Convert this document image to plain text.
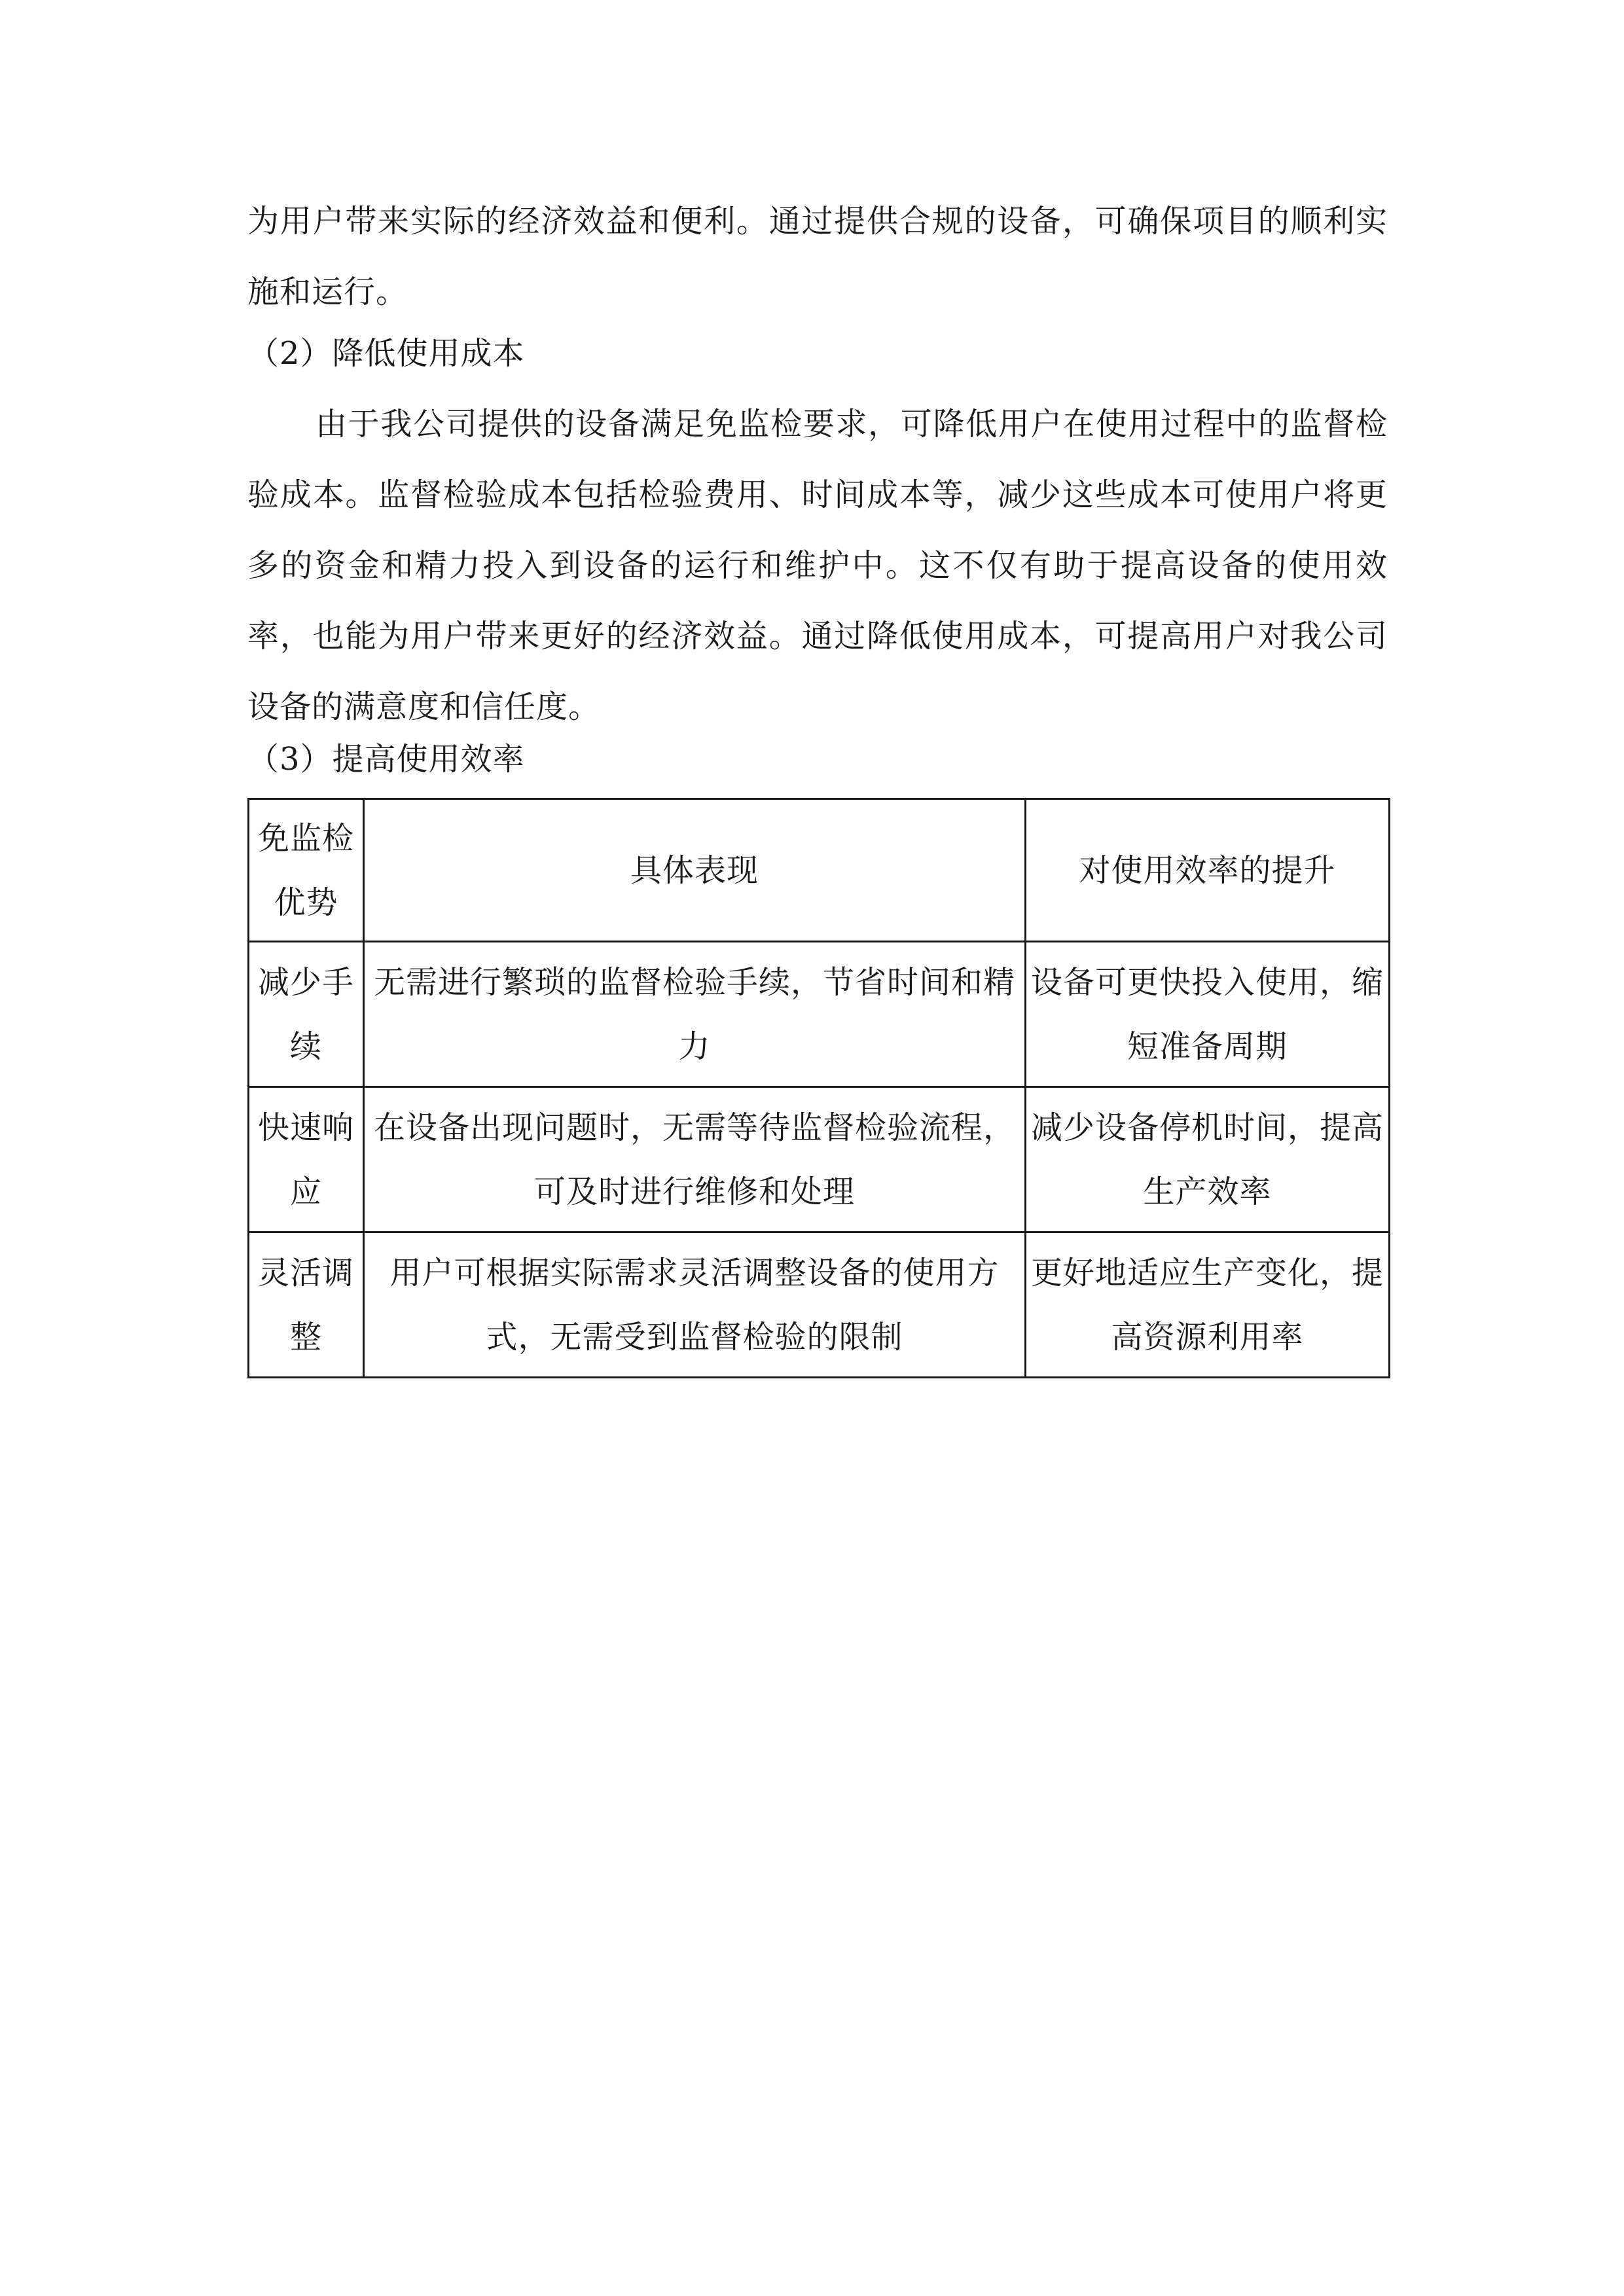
为用户带来实际的经济效益和便利。通过提供合规的设备，可确保项目的顺利实施和运行。

（2）降低使用成本

由于我公司提供的设备满足免监检要求，可降低用户在使用过程中的监督检验成本。监督检验成本包括检验费用、时间成本等，减少这些成本可使用户将更多的资金和精力投入到设备的运行和维护中。这不仅有助于提高设备的使用效率，也能为用户带来更好的经济效益。通过降低使用成本，可提高用户对我公司设备的满意度和信任度。

（3）提高使用效率

免监检优势	具体表现	对使用效率的提升
减少手续	无需进行繁琐的监督检验手续，节省时间和精力	设备可更快投入使用，缩短准备周期
快速响应	在设备出现问题时，无需等待监督检验流程，可及时进行维修和处理	减少设备停机时间，提高生产效率
灵活调整	用户可根据实际需求灵活调整设备的使用方式，无需受到监督检验的限制	更好地适应生产变化，提高资源利用率
